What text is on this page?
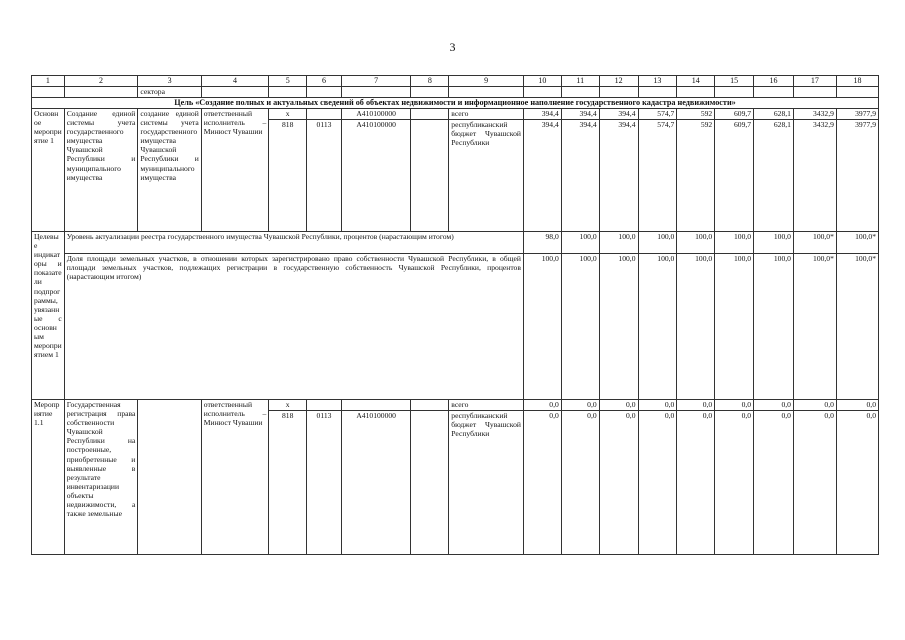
3
1	2	3	4	5	6	7	8	9	10	11	12	13	14	15	16	17	18
		сектора															
Цель «Создание полных и актуальных сведений об объектах недвижимости и информационное наполнение государственного кадастра недвижимости»																	
Основное мероприятие 1	Создание единой системы учета государственного имущества Чувашской Республики и муниципального имущества	создание единой системы учета государственного имущества Чувашской Республики и муниципального имущества	ответственный исполнитель – Минюст Чувашии	x		А410100000		всего	394,4	394,4	394,4	574,7	592	609,7	628,1	3432,9	3977,9
				818	0113	А410100000		республиканский бюджет Чувашской Республики	394,4	394,4	394,4	574,7	592	609,7	628,1	3432,9	3977,9
Целевые индикаторы и показатели подпрограммы, увязанные с основным мероприятием 1	Уровень актуализации реестра государственного имущества Чувашской Республики, процентов (нарастающим итогом)								98,0	100,0	100,0	100,0	100,0	100,0	100,0	100,0*	100,0*
	Доля площади земельных участков, в отношении которых зарегистрировано право собственности Чувашской Республики, в общей площади земельных участков, подлежащих регистрации в государственную собственность Чувашской Республики, процентов (нарастающим итогом)								100,0	100,0	100,0	100,0	100,0	100,0	100,0	100,0*	100,0*
Мероприятие 1.1	Государственная регистрация права собственности Чувашской Республики на построенные, приобретенные и выявленные в результате инвентаризации объекты недвижимости, а также земельные		ответственный исполнитель – Минюст Чувашии	x				всего	0,0	0,0	0,0	0,0	0,0	0,0	0,0	0,0	0,0
				818	0113	А410100000		республиканский бюджет Чувашской Республики	0,0	0,0	0,0	0,0	0,0	0,0	0,0	0,0	0,0
